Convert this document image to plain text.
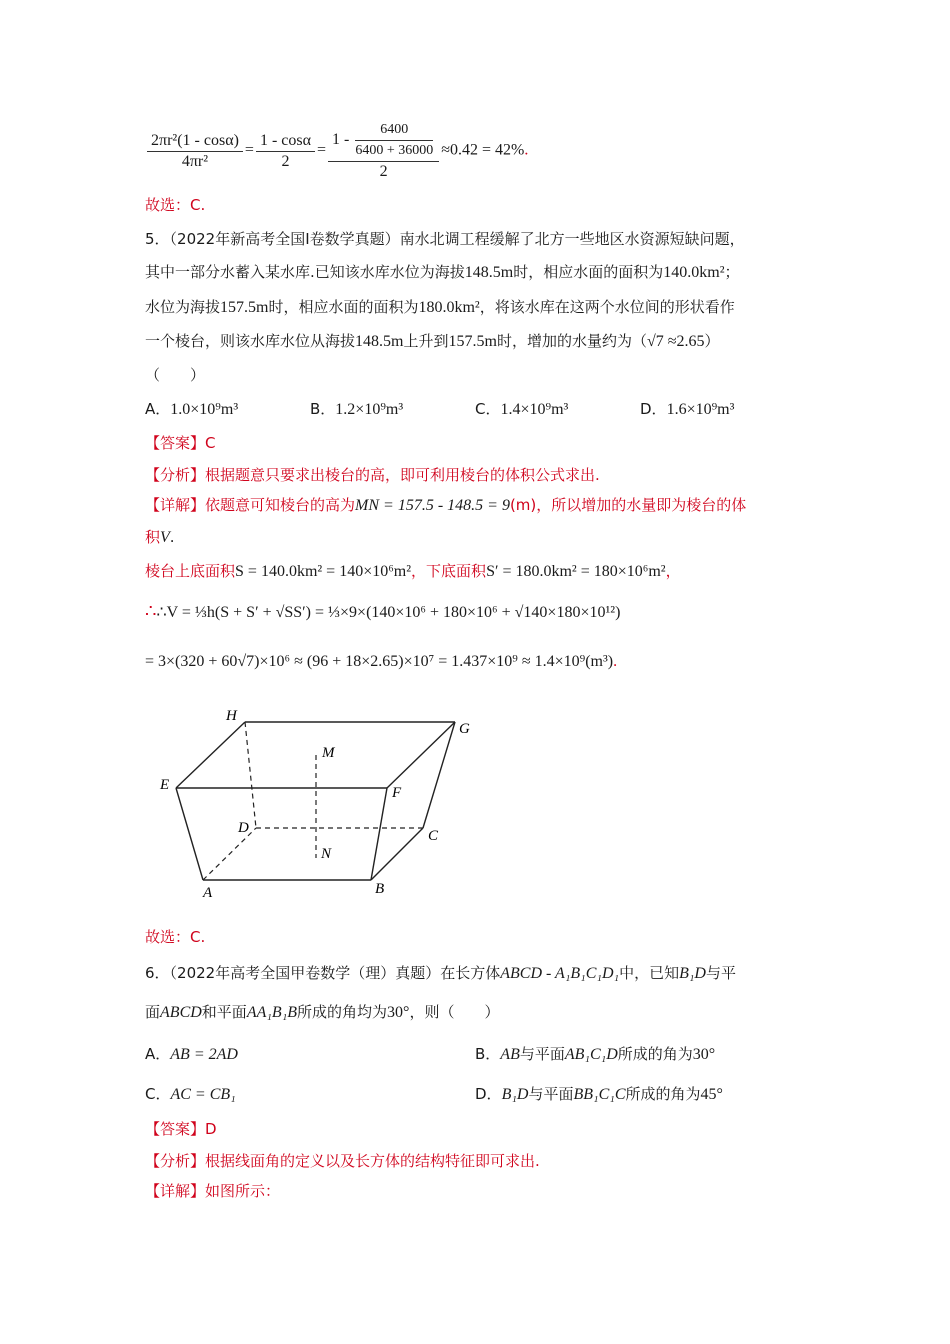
$\frac{\text{2πr²(1 - cosα)}}{\text{4πr²}} = \frac{1 - \cos\alpha}{2} = \frac{1 - \frac{6400}{6400 + 36000}}{2} \approx 0.42 = 42\%$.
故选：C.
5．（2022年新高考全国Ⅰ卷数学真题）南水北调工程缓解了北方一些地区水资源短缺问题，
其中一部分水蓄入某水库.已知该水库水位为海拔148.5m时，相应水面的面积为140.0km²；
水位为海拔157.5m时，相应水面的面积为180.0km²，将该水库在这两个水位间的形状看作
一个棱台，则该水库水位从海拔148.5m上升到157.5m时，增加的水量约为（√7 ≈2.65）
（　　）
A．1.0×10⁹m³	B．1.2×10⁹m³	C．1.4×10⁹m³	D．1.6×10⁹m³
【答案】C
【分析】根据题意只要求出棱台的高，即可利用棱台的体积公式求出.
【详解】依题意可知棱台的高为MN = 157.5 - 148.5 = 9(m)，所以增加的水量即为棱台的体
积V.
棱台上底面积S = 140.0km² = 140×10⁶m²，下底面积S′ = 180.0km² = 180×10⁶m²，
∴∴V = ⅓h(S + S′ + √SS′) = ⅓×9×(140×10⁶ + 180×10⁶ + √140×180×10¹²)
= 3×(320 + 60√7)×10⁶ ≈ (96 + 18×2.65)×10⁷ = 1.437×10⁹ ≈ 1.4×10⁹(m³).
H
G
M
E	F
D	C
N
A	B
故选：C.
6．（2022年高考全国甲卷数学（理）真题）在长方体ABCD - A₁B₁C₁D₁中，已知B₁D与平
面ABCD和平面AA₁B₁B所成的角均为30°，则（　　）
A．AB = 2AD	B．AB与平面AB₁C₁D所成的角为30°
C．AC = CB₁	D．B₁D与平面BB₁C₁C所成的角为45°
【答案】D
【分析】根据线面角的定义以及长方体的结构特征即可求出.
【详解】如图所示：
